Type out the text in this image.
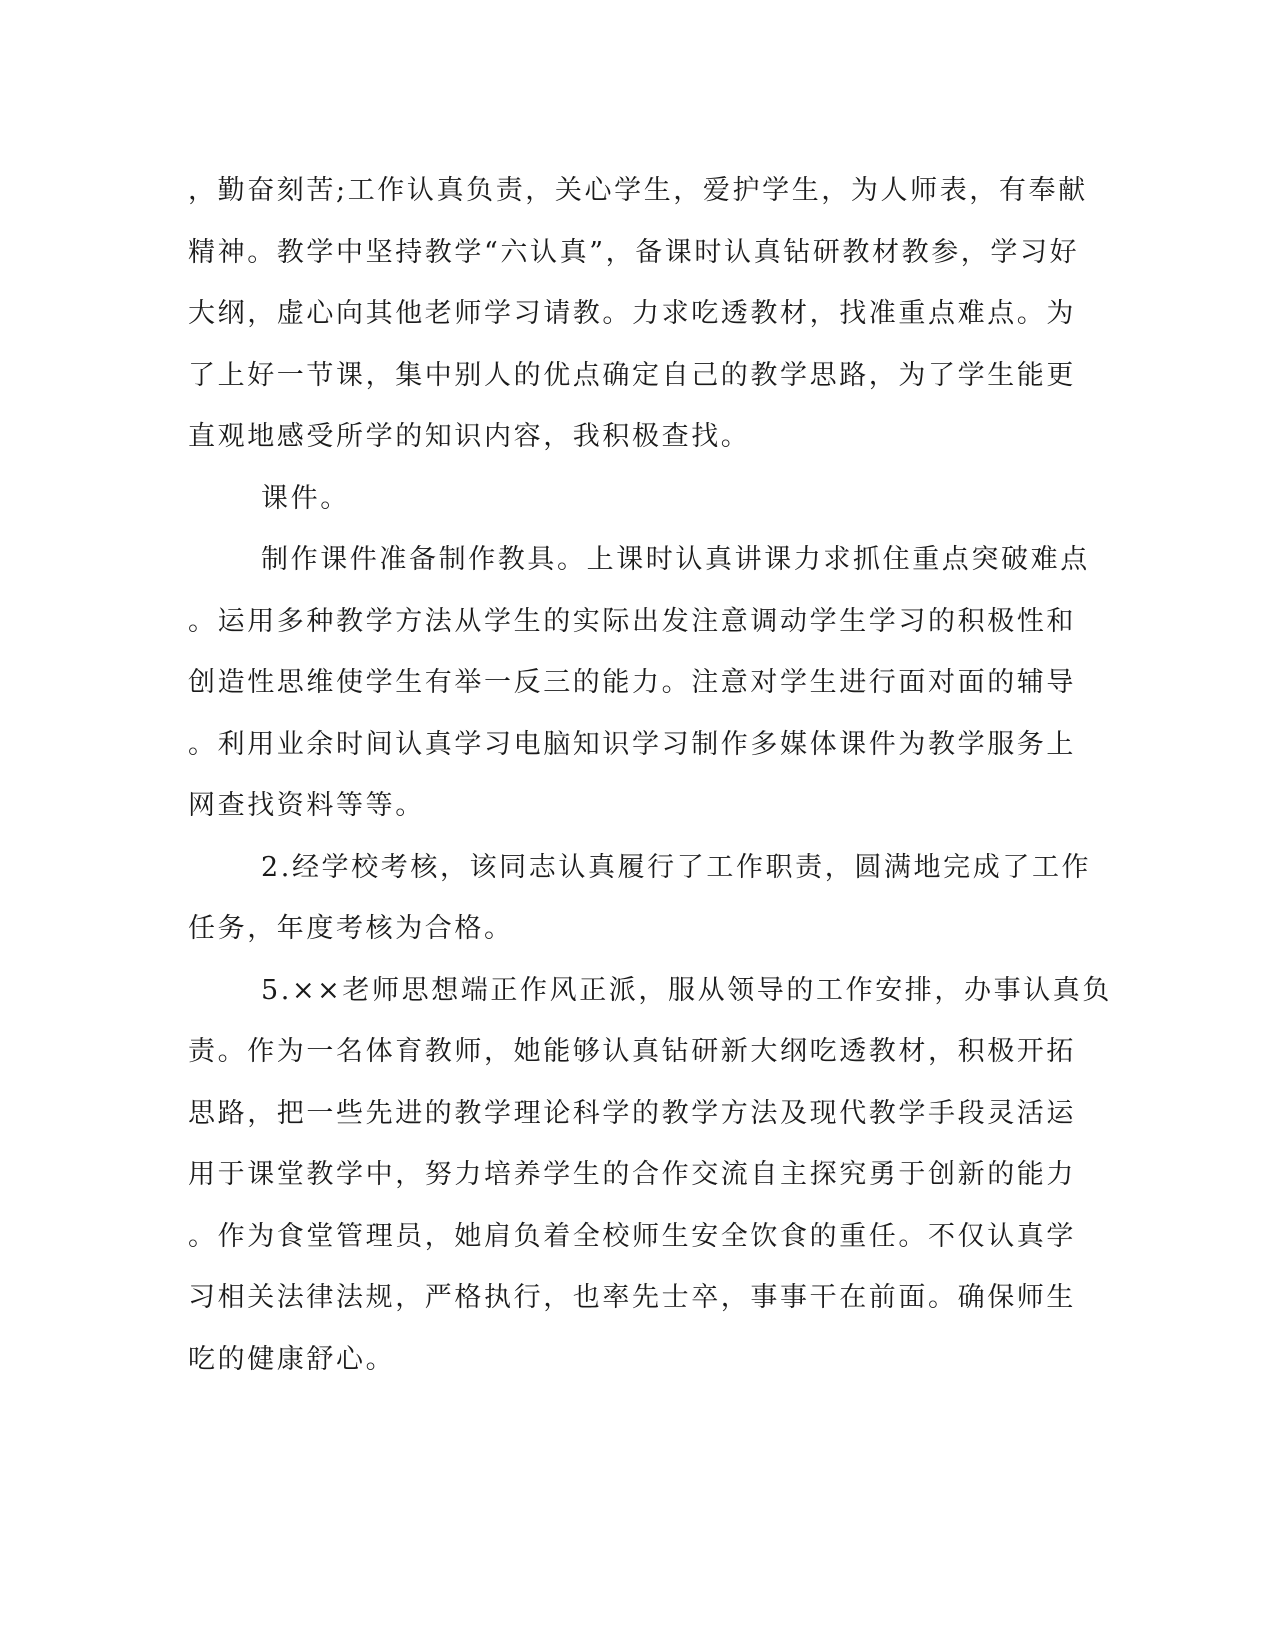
，勤奋刻苦;工作认真负责，关心学生，爱护学生，为人师表，有奉献
精神。教学中坚持教学“六认真”，备课时认真钻研教材教参，学习好
大纲，虚心向其他老师学习请教。力求吃透教材，找准重点难点。为
了上好一节课，集中别人的优点确定自己的教学思路，为了学生能更
直观地感受所学的知识内容，我积极查找。
课件。
制作课件准备制作教具。上课时认真讲课力求抓住重点突破难点
。运用多种教学方法从学生的实际出发注意调动学生学习的积极性和
创造性思维使学生有举一反三的能力。注意对学生进行面对面的辅导
。利用业余时间认真学习电脑知识学习制作多媒体课件为教学服务上
网查找资料等等。
2.经学校考核，该同志认真履行了工作职责，圆满地完成了工作
任务，年度考核为合格。
5.××老师思想端正作风正派，服从领导的工作安排，办事认真负
责。作为一名体育教师，她能够认真钻研新大纲吃透教材，积极开拓
思路，把一些先进的教学理论科学的教学方法及现代教学手段灵活运
用于课堂教学中，努力培养学生的合作交流自主探究勇于创新的能力
。作为食堂管理员，她肩负着全校师生安全饮食的重任。不仅认真学
习相关法律法规，严格执行，也率先士卒，事事干在前面。确保师生
吃的健康舒心。
